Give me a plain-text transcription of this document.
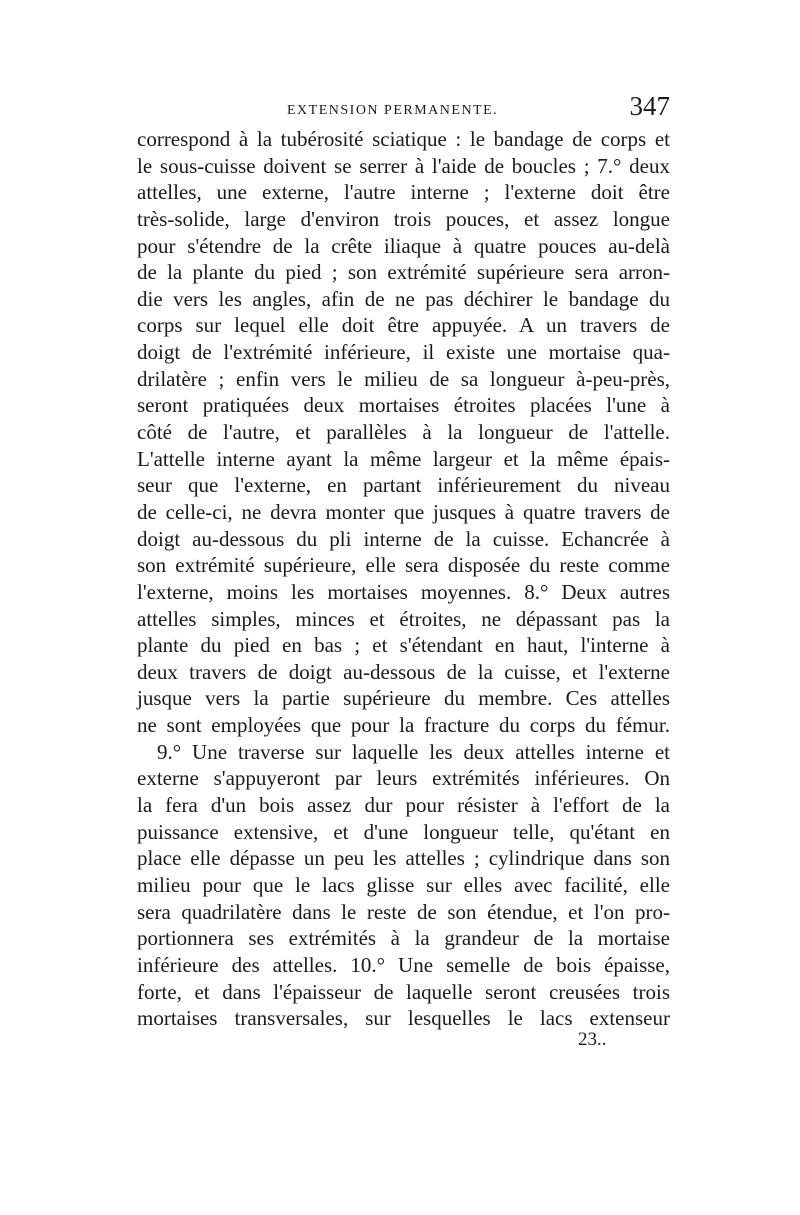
EXTENSION PERMANENTE.	347
correspond à la tubérosité sciatique : le bandage de corps et
le sous-cuisse doivent se serrer à l'aide de boucles ; 7.° deux
attelles, une externe, l'autre interne ; l'externe doit être
très-solide, large d'environ trois pouces, et assez longue
pour s'étendre de la crête iliaque à quatre pouces au-delà
de la plante du pied ; son extrémité supérieure sera arron-
die vers les angles, afin de ne pas déchirer le bandage du
corps sur lequel elle doit être appuyée. A un travers de
doigt de l'extrémité inférieure, il existe une mortaise qua-
drilatère ; enfin vers le milieu de sa longueur à-peu-près,
seront pratiquées deux mortaises étroites placées l'une à
côté de l'autre, et parallèles à la longueur de l'attelle.
L'attelle interne ayant la même largeur et la même épais-
seur que l'externe, en partant inférieurement du niveau
de celle-ci, ne devra monter que jusques à quatre travers de
doigt au-dessous du pli interne de la cuisse. Echancrée à
son extrémité supérieure, elle sera disposée du reste comme
l'externe, moins les mortaises moyennes. 8.° Deux autres
attelles simples, minces et étroites, ne dépassant pas la
plante du pied en bas ; et s'étendant en haut, l'interne à
deux travers de doigt au-dessous de la cuisse, et l'externe
jusque vers la partie supérieure du membre. Ces attelles
ne sont employées que pour la fracture du corps du fémur.
9.° Une traverse sur laquelle les deux attelles interne et
externe s'appuyeront par leurs extrémités inférieures. On
la fera d'un bois assez dur pour résister à l'effort de la
puissance extensive, et d'une longueur telle, qu'étant en
place elle dépasse un peu les attelles ; cylindrique dans son
milieu pour que le lacs glisse sur elles avec facilité, elle
sera quadrilatère dans le reste de son étendue, et l'on pro-
portionnera ses extrémités à la grandeur de la mortaise
inférieure des attelles. 10.° Une semelle de bois épaisse,
forte, et dans l'épaisseur de laquelle seront creusées trois
mortaises transversales, sur lesquelles le lacs extenseur
23..
